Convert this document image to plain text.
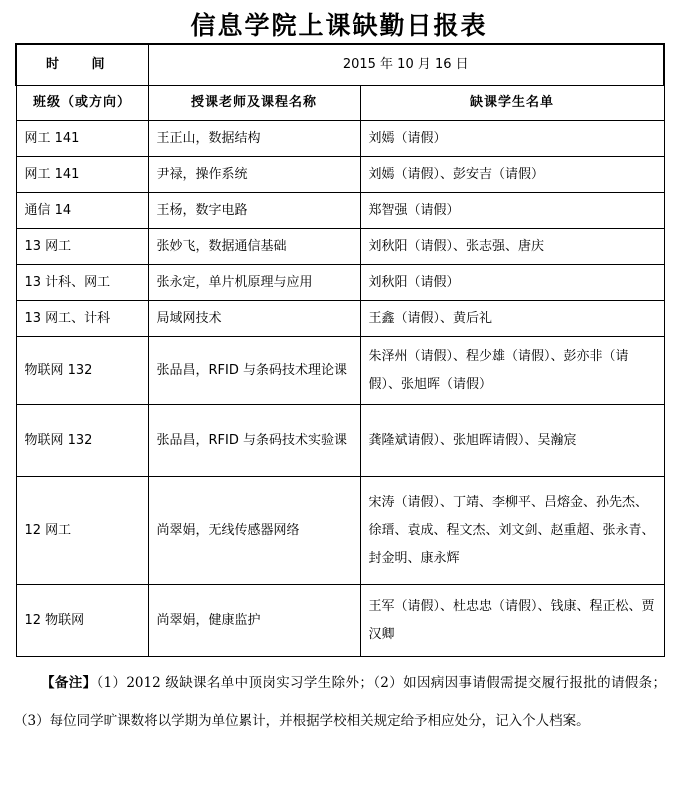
信息学院上课缺勤日报表
时 间	2015 年 10 月 16 日	
班级（或方向）	授课老师及课程名称	缺课学生名单
网工 141	王正山，数据结构	刘嫣（请假）
网工 141	尹禄，操作系统	刘嫣（请假）、彭安吉（请假）
通信 14	王杨，数字电路	郑智强（请假）
13 网工	张妙飞，数据通信基础	刘秋阳（请假）、张志强、唐庆
13 计科、网工	张永定，单片机原理与应用	刘秋阳（请假）
13 网工、计科	局域网技术	王鑫（请假）、黄后礼
物联网 132	张品昌，RFID 与条码技术理论课	朱泽州（请假）、程少雄（请假）、彭亦非（请假）、张旭晖（请假）
物联网 132	张品昌，RFID 与条码技术实验课	龚隆斌请假）、张旭晖请假）、吴瀚宸
12 网工	尚翠娟，无线传感器网络	宋涛（请假）、丁靖、李柳平、吕熔金、孙先杰、徐瑨、袁成、程文杰、刘文剑、赵重超、张永青、封金明、康永辉
12 物联网	尚翠娟，健康监护	王军（请假）、杜忠忠（请假）、钱康、程正松、贾汉卿
【备注】（1）2012 级缺课名单中顶岗实习学生除外；（2）如因病因事请假需提交履行报批的请假条；（3）每位同学旷课数将以学期为单位累计，并根据学校相关规定给予相应处分，记入个人档案。
